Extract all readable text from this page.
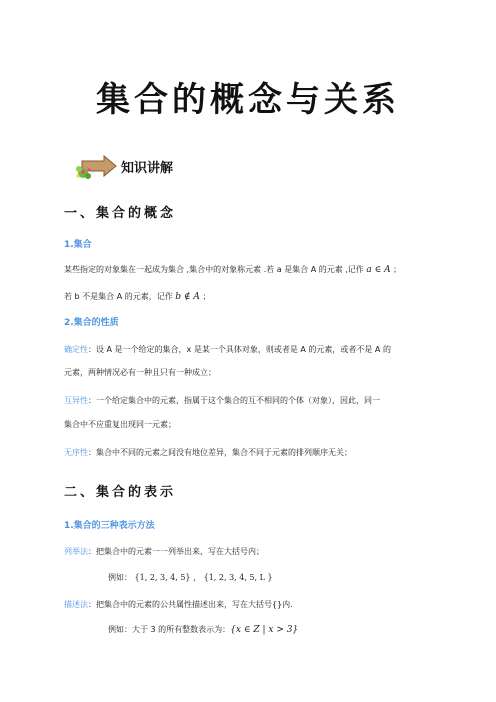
集合的概念与关系
知识讲解
一、集合的概念
1.集合
某些指定的对象集在一起成为集合 ,集合中的对象称元素 .若 a 是集合 A 的元素 ,记作 a ∈ A ；
若 b 不是集合 A 的元素，记作 b ∉ A ；
2.集合的性质
确定性：设 A 是一个给定的集合，x 是某一个具体对象，则或者是 A 的元素，或者不是 A 的
元素，两种情况必有一种且只有一种成立；
互异性：一个给定集合中的元素，指属于这个集合的互不相同的个体（对象），因此，同一
集合中不应重复出现同一元素；
无序性：集合中不同的元素之间没有地位差异，集合不同于元素的排列顺序无关；
二、集合的表示
1.集合的三种表示方法
列举法：把集合中的元素一一列举出来，写在大括号内；
例如： {1, 2, 3, 4, 5} ， {1, 2, 3, 4, 5, L }
描述法：把集合中的元素的公共属性描述出来，写在大括号{}内．
例如：大于 3 的所有整数表示为：{x ∈ Z | x > 3}
